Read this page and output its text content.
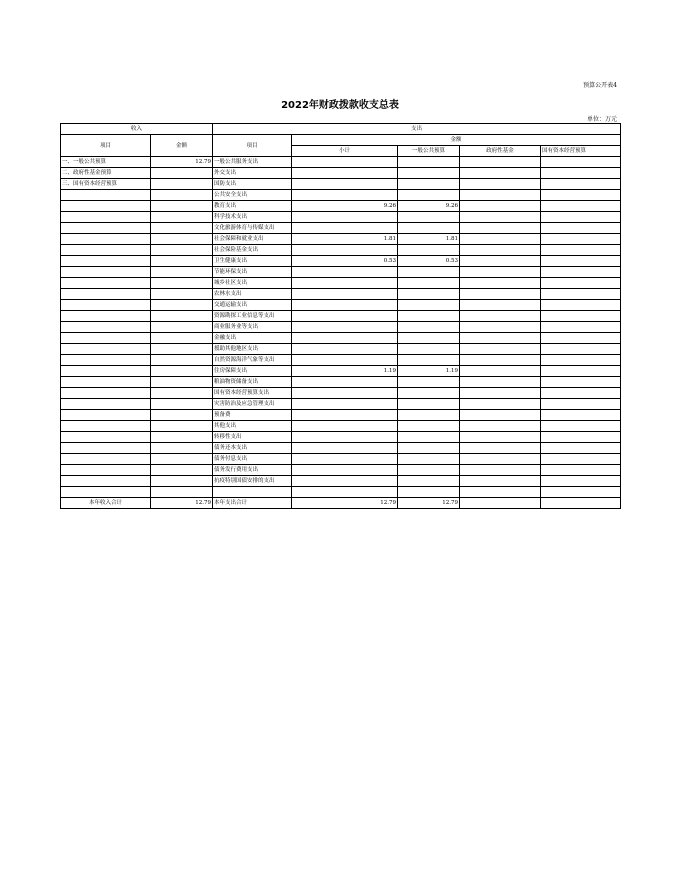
预算公开表4
2022年财政拨款收支总表
单位：万元
收入		支出				
项目	金额	项目	金额			
			小计	一般公共预算	政府性基金	国有资本经营预算
一、一般公共预算	12.79	一般公共服务支出				
二、政府性基金预算		外交支出				
三、国有资本经营预算		国防支出				
		公共安全支出				
		教育支出	9.26	9.26		
		科学技术支出				
		文化旅游体育与传媒支出				
		社会保障和就业支出	1.81	1.81		
		社会保险基金支出				
		卫生健康支出	0.53	0.53		
		节能环保支出				
		城乡社区支出				
		农林水支出				
		交通运输支出				
		资源勘探工业信息等支出				
		商业服务业等支出				
		金融支出				
		援助其他地区支出				
		自然资源海洋气象等支出				
		住房保障支出	1.19	1.19		
		粮油物资储备支出				
		国有资本经营预算支出				
		灾害防治及应急管理支出				
		预备费				
		其他支出				
		转移性支出				
		债务还本支出				
		债务付息支出				
		债务发行费用支出				
		抗疫特别国债安排的支出				

本年收入合计	12.79	本年支出合计	12.79	12.79		
